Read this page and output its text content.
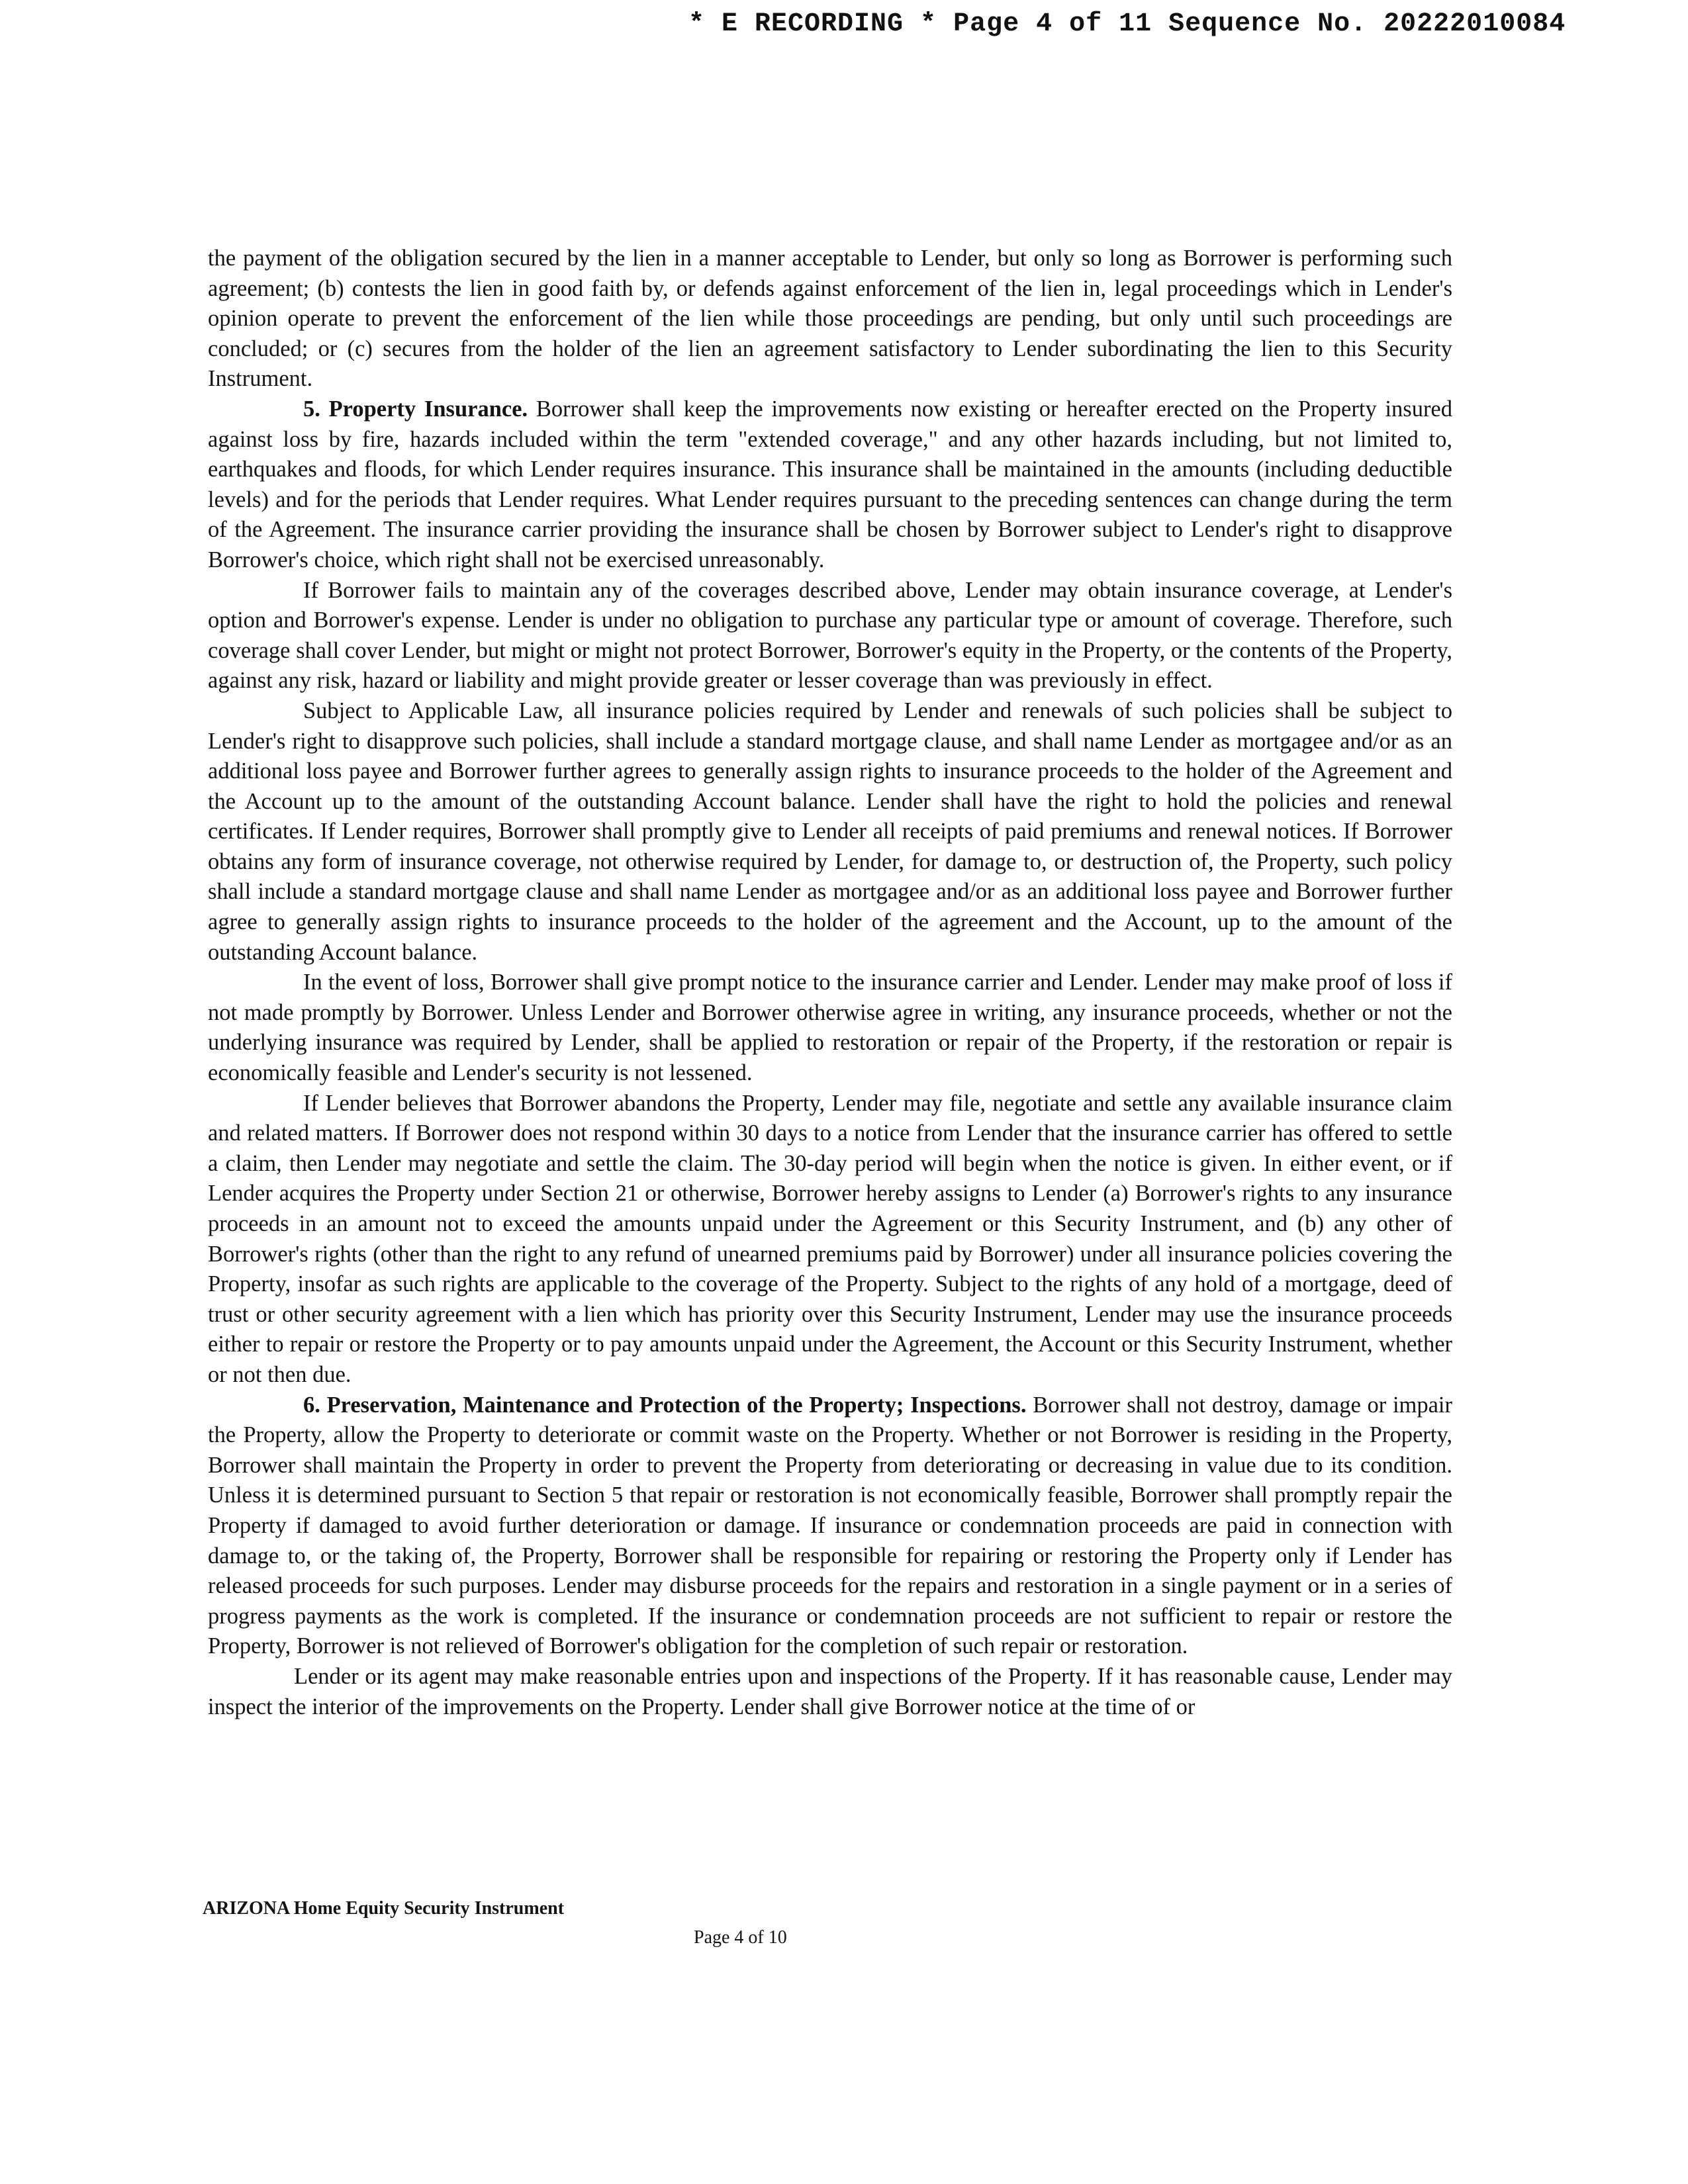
* E RECORDING * Page 4 of 11 Sequence No. 20222010084

the payment of the obligation secured by the lien in a manner acceptable to Lender, but only so long as Borrower is performing such agreement; (b) contests the lien in good faith by, or defends against enforcement of the lien in, legal proceedings which in Lender's opinion operate to prevent the enforcement of the lien while those proceedings are pending, but only until such proceedings are concluded; or (c) secures from the holder of the lien an agreement satisfactory to Lender subordinating the lien to this Security Instrument.

5. Property Insurance. Borrower shall keep the improvements now existing or hereafter erected on the Property insured against loss by fire, hazards included within the term "extended coverage," and any other hazards including, but not limited to, earthquakes and floods, for which Lender requires insurance. This insurance shall be maintained in the amounts (including deductible levels) and for the periods that Lender requires. What Lender requires pursuant to the preceding sentences can change during the term of the Agreement. The insurance carrier providing the insurance shall be chosen by Borrower subject to Lender's right to disapprove Borrower's choice, which right shall not be exercised unreasonably.

If Borrower fails to maintain any of the coverages described above, Lender may obtain insurance coverage, at Lender's option and Borrower's expense. Lender is under no obligation to purchase any particular type or amount of coverage. Therefore, such coverage shall cover Lender, but might or might not protect Borrower, Borrower's equity in the Property, or the contents of the Property, against any risk, hazard or liability and might provide greater or lesser coverage than was previously in effect.

Subject to Applicable Law, all insurance policies required by Lender and renewals of such policies shall be subject to Lender's right to disapprove such policies, shall include a standard mortgage clause, and shall name Lender as mortgagee and/or as an additional loss payee and Borrower further agrees to generally assign rights to insurance proceeds to the holder of the Agreement and the Account up to the amount of the outstanding Account balance. Lender shall have the right to hold the policies and renewal certificates. If Lender requires, Borrower shall promptly give to Lender all receipts of paid premiums and renewal notices. If Borrower obtains any form of insurance coverage, not otherwise required by Lender, for damage to, or destruction of, the Property, such policy shall include a standard mortgage clause and shall name Lender as mortgagee and/or as an additional loss payee and Borrower further agree to generally assign rights to insurance proceeds to the holder of the agreement and the Account, up to the amount of the outstanding Account balance.

In the event of loss, Borrower shall give prompt notice to the insurance carrier and Lender. Lender may make proof of loss if not made promptly by Borrower. Unless Lender and Borrower otherwise agree in writing, any insurance proceeds, whether or not the underlying insurance was required by Lender, shall be applied to restoration or repair of the Property, if the restoration or repair is economically feasible and Lender's security is not lessened.

If Lender believes that Borrower abandons the Property, Lender may file, negotiate and settle any available insurance claim and related matters. If Borrower does not respond within 30 days to a notice from Lender that the insurance carrier has offered to settle a claim, then Lender may negotiate and settle the claim. The 30-day period will begin when the notice is given. In either event, or if Lender acquires the Property under Section 21 or otherwise, Borrower hereby assigns to Lender (a) Borrower's rights to any insurance proceeds in an amount not to exceed the amounts unpaid under the Agreement or this Security Instrument, and (b) any other of Borrower's rights (other than the right to any refund of unearned premiums paid by Borrower) under all insurance policies covering the Property, insofar as such rights are applicable to the coverage of the Property. Subject to the rights of any hold of a mortgage, deed of trust or other security agreement with a lien which has priority over this Security Instrument, Lender may use the insurance proceeds either to repair or restore the Property or to pay amounts unpaid under the Agreement, the Account or this Security Instrument, whether or not then due.

6. Preservation, Maintenance and Protection of the Property; Inspections. Borrower shall not destroy, damage or impair the Property, allow the Property to deteriorate or commit waste on the Property. Whether or not Borrower is residing in the Property, Borrower shall maintain the Property in order to prevent the Property from deteriorating or decreasing in value due to its condition. Unless it is determined pursuant to Section 5 that repair or restoration is not economically feasible, Borrower shall promptly repair the Property if damaged to avoid further deterioration or damage. If insurance or condemnation proceeds are paid in connection with damage to, or the taking of, the Property, Borrower shall be responsible for repairing or restoring the Property only if Lender has released proceeds for such purposes. Lender may disburse proceeds for the repairs and restoration in a single payment or in a series of progress payments as the work is completed. If the insurance or condemnation proceeds are not sufficient to repair or restore the Property, Borrower is not relieved of Borrower's obligation for the completion of such repair or restoration.

Lender or its agent may make reasonable entries upon and inspections of the Property. If it has reasonable cause, Lender may inspect the interior of the improvements on the Property. Lender shall give Borrower notice at the time of or

ARIZONA Home Equity Security Instrument
Page 4 of 10
